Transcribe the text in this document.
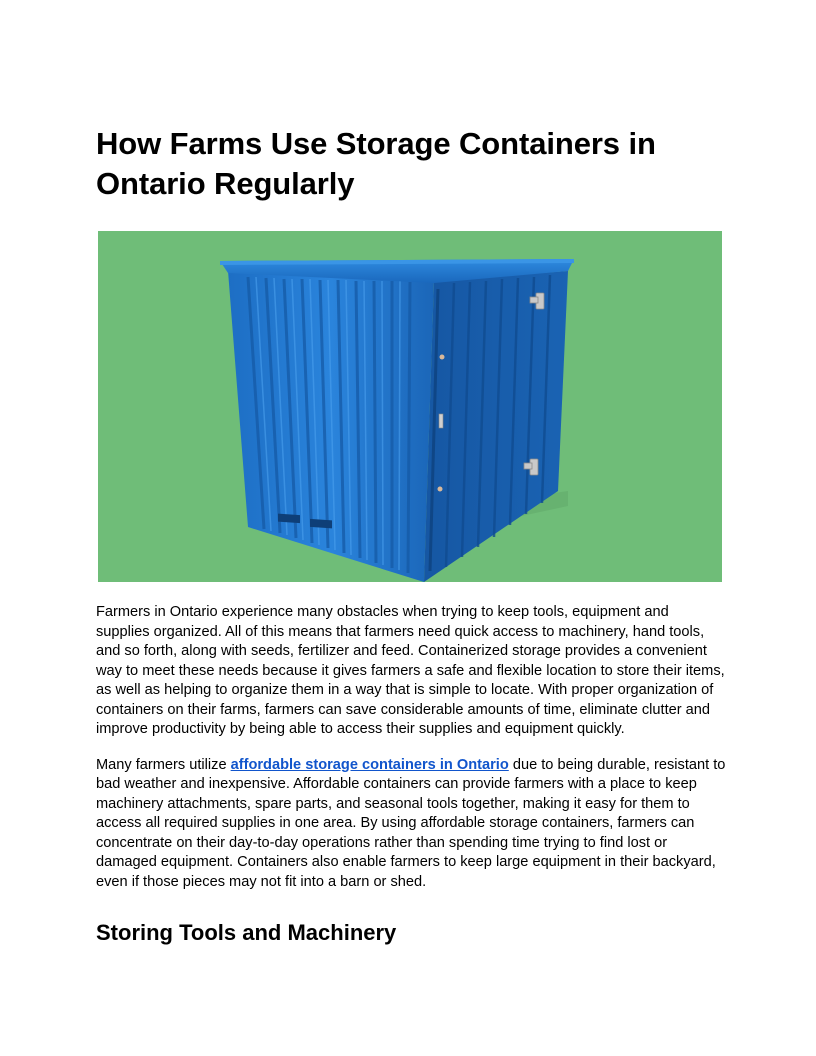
How Farms Use Storage Containers in Ontario Regularly

Farmers in Ontario experience many obstacles when trying to keep tools, equipment and supplies organized. All of this means that farmers need quick access to machinery, hand tools, and so forth, along with seeds, fertilizer and feed. Containerized storage provides a convenient way to meet these needs because it gives farmers a safe and flexible location to store their items, as well as helping to organize them in a way that is simple to locate. With proper organization of containers on their farms, farmers can save considerable amounts of time, eliminate clutter and improve productivity by being able to access their supplies and equipment quickly.

Many farmers utilize affordable storage containers in Ontario due to being durable, resistant to bad weather and inexpensive. Affordable containers can provide farmers with a place to keep machinery attachments, spare parts, and seasonal tools together, making it easy for them to access all required supplies in one area. By using affordable storage containers, farmers can concentrate on their day-to-day operations rather than spending time trying to find lost or damaged equipment. Containers also enable farmers to keep large equipment in their backyard, even if those pieces may not fit into a barn or shed.

Storing Tools and Machinery
